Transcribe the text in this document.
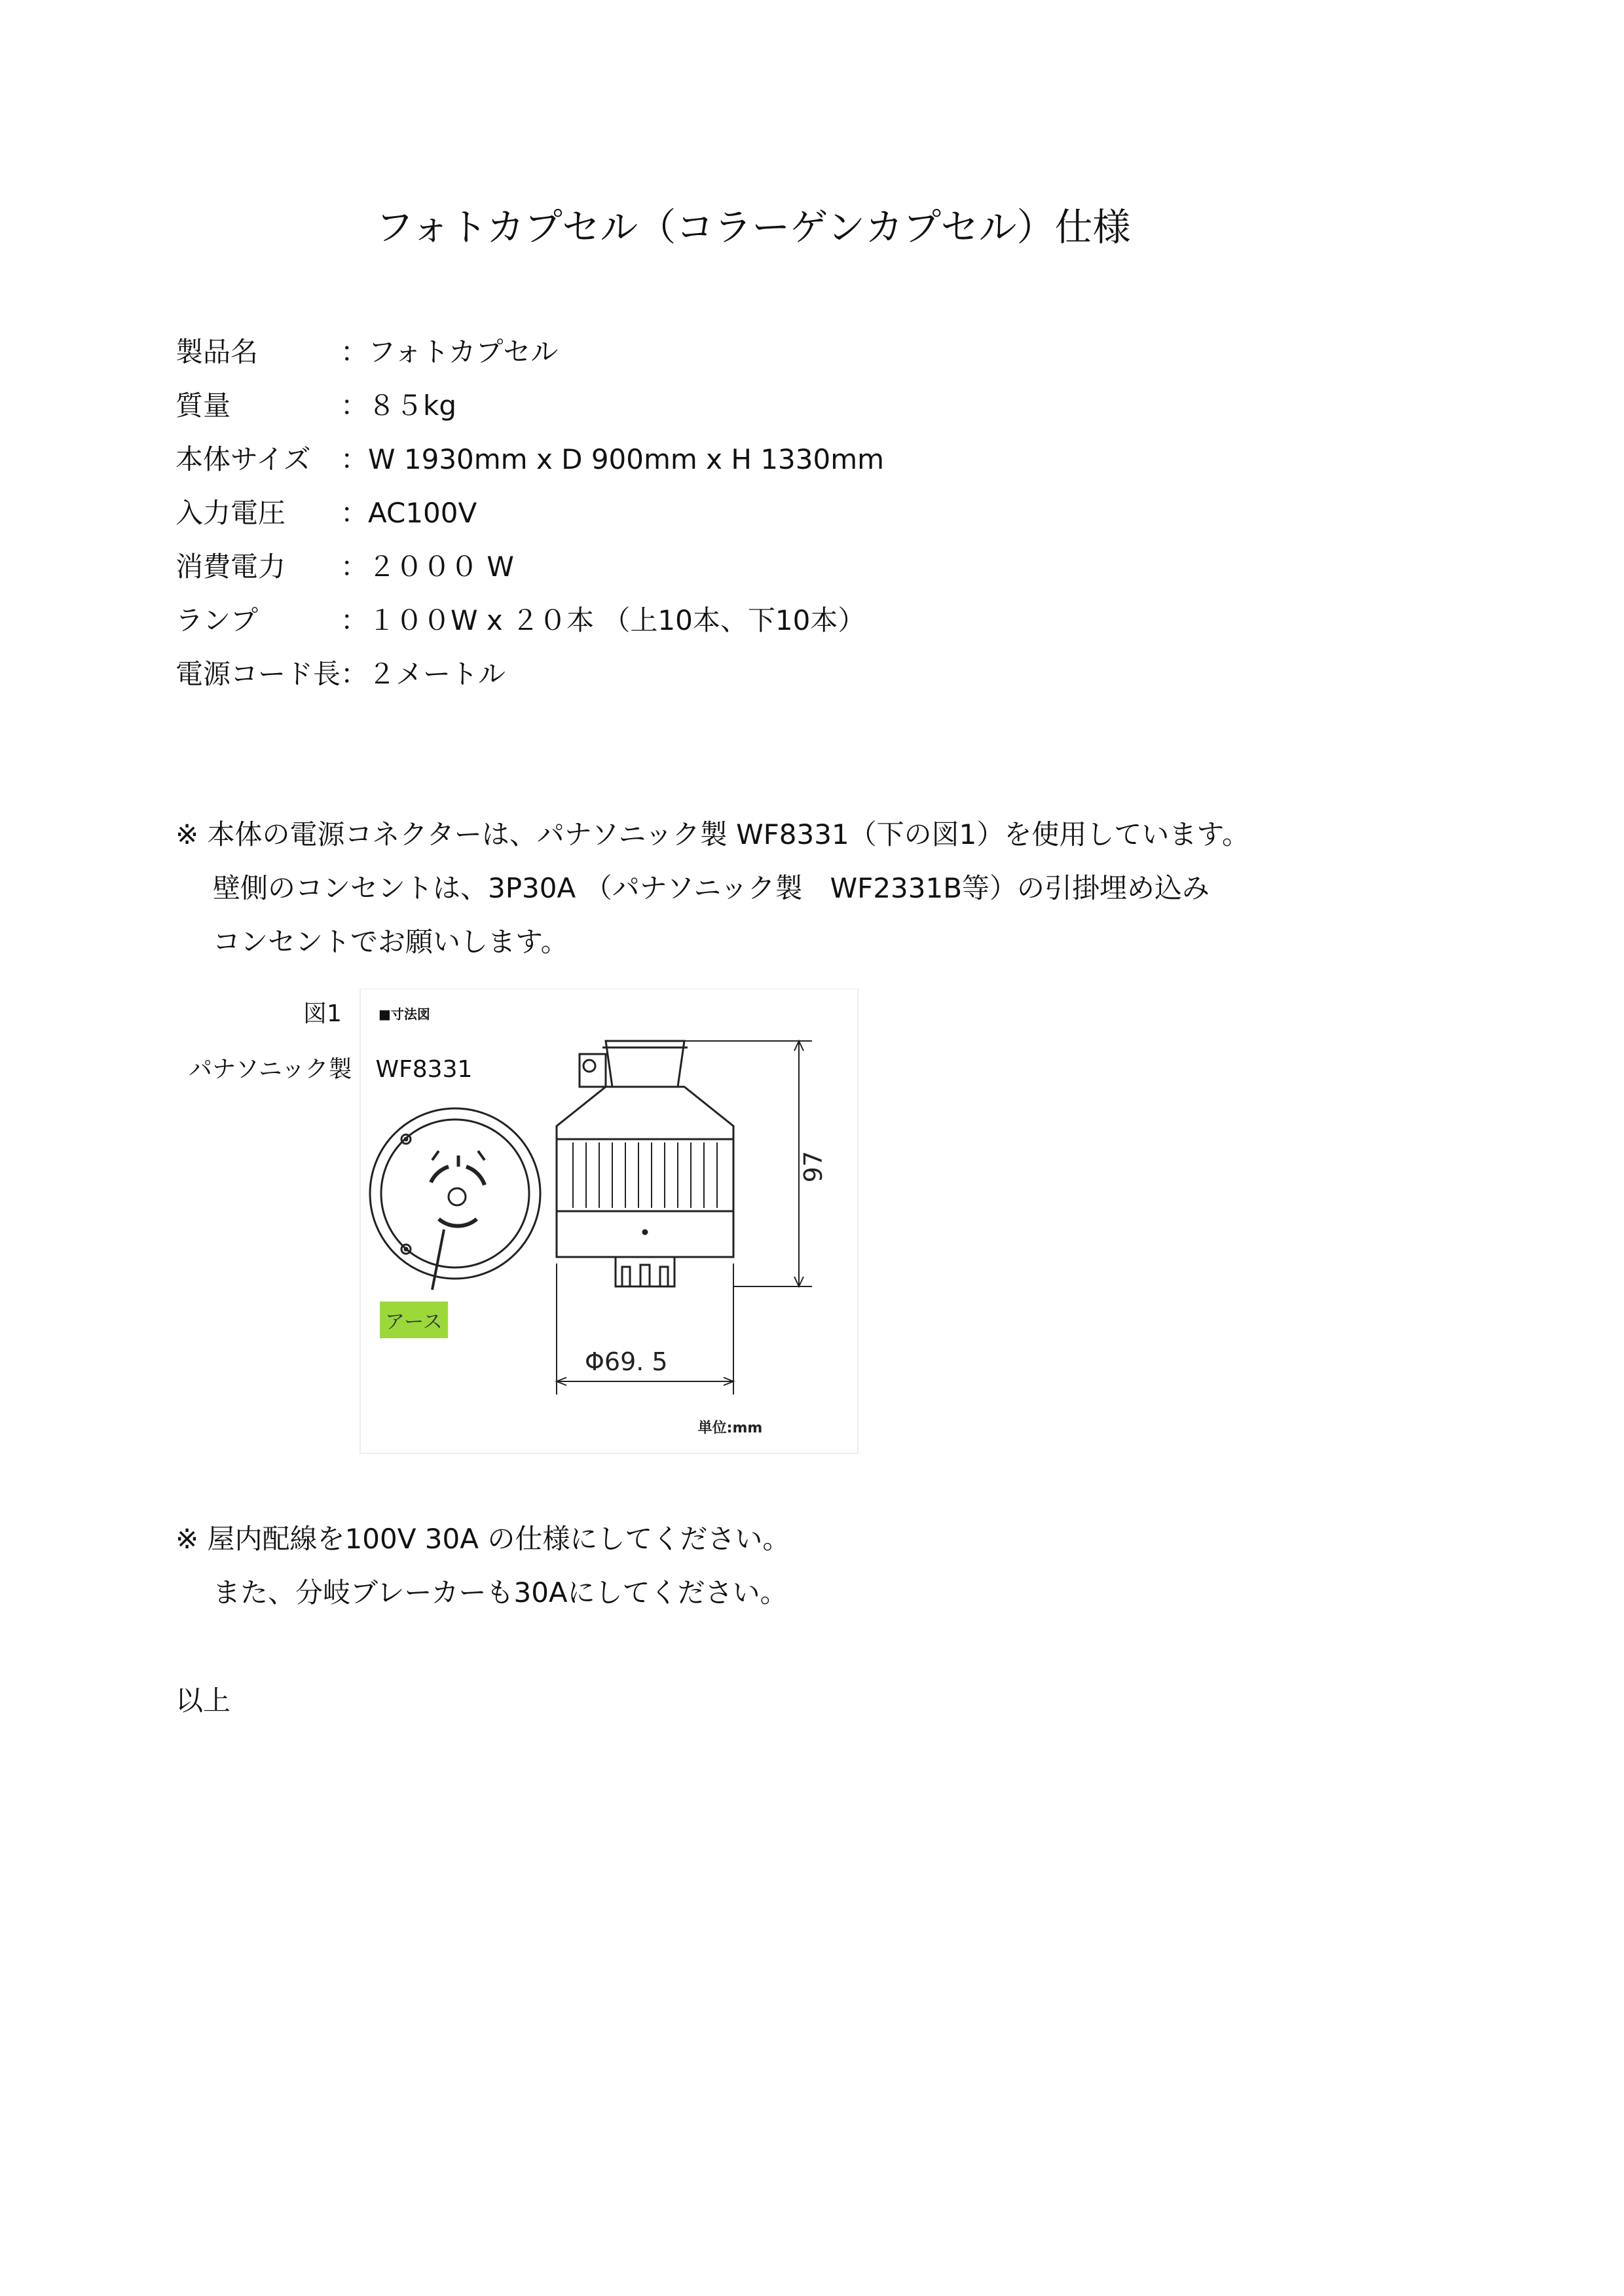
フォトカプセル（コラーゲンカプセル）仕様
製品名	：フォトカプセル
質量	：８５kg
本体サイズ ：W 1930mm x D 900mm x H 1330mm
入力電圧 ：AC100V
消費電力 ：２０００ W
ランプ	：１００W x ２０本 （上10本、下10本）
電源コード長 ：２メートル
※ 本体の電源コネクターは、パナソニック製 WF8331（下の図1）を使用しています。
壁側のコンセントは、3P30A （パナソニック製　WF2331B等）の引掛埋め込み
コンセントでお願いします。
図1	■寸法図
パナソニック製　WF8331
97
Φ69. 5
単位:mm
アース
※ 屋内配線を100V 30A の仕様にしてください。
また、分岐ブレーカーも30Aにしてください。
以上
